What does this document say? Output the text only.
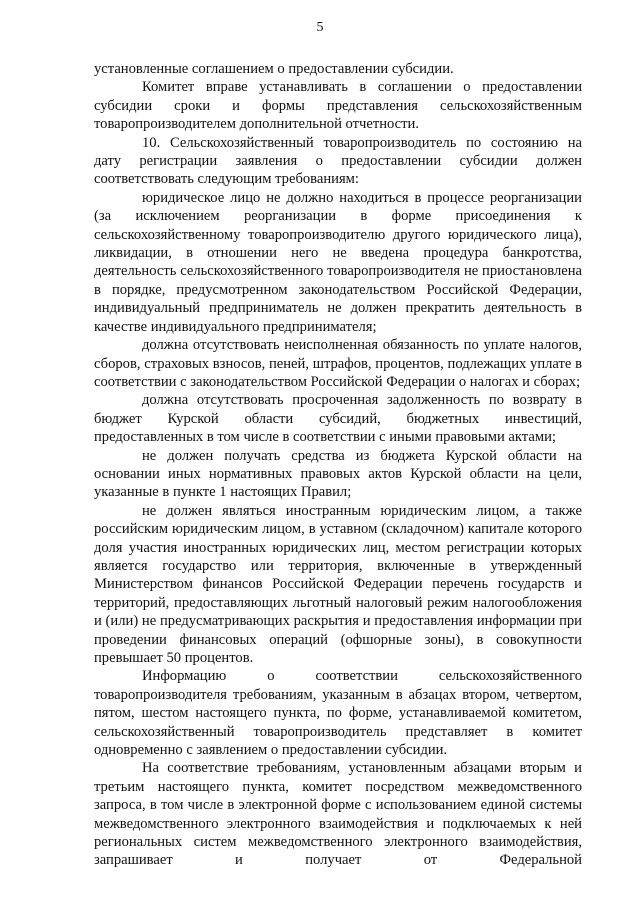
5

установленные соглашением о предоставлении субсидии.

Комитет вправе устанавливать в соглашении о предоставлении субсидии сроки и формы представления сельскохозяйственным товаропроизводителем дополнительной отчетности.

10. Сельскохозяйственный товаропроизводитель по состоянию на дату регистрации заявления о предоставлении субсидии должен соответствовать следующим требованиям:

юридическое лицо не должно находиться в процессе реорганизации (за исключением реорганизации в форме присоединения к сельскохозяйственному товаропроизводителю другого юридического лица), ликвидации, в отношении него не введена процедура банкротства, деятельность сельскохозяйственного товаропроизводителя не приостановлена в порядке, предусмотренном законодательством Российской Федерации, индивидуальный предприниматель не должен прекратить деятельность в качестве индивидуального предпринимателя;

должна отсутствовать неисполненная обязанность по уплате налогов, сборов, страховых взносов, пеней, штрафов, процентов, подлежащих уплате в соответствии с законодательством Российской Федерации о налогах и сборах;

должна отсутствовать просроченная задолженность по возврату в бюджет Курской области субсидий, бюджетных инвестиций, предоставленных в том числе в соответствии с иными правовыми актами;

не должен получать средства из бюджета Курской области на основании иных нормативных правовых актов Курской области на цели, указанные в пункте 1 настоящих Правил;

не должен являться иностранным юридическим лицом, а также российским юридическим лицом, в уставном (складочном) капитале которого доля участия иностранных юридических лиц, местом регистрации которых является государство или территория, включенные в утвержденный Министерством финансов Российской Федерации перечень государств и территорий, предоставляющих льготный налоговый режим налогообложения и (или) не предусматривающих раскрытия и предоставления информации при проведении финансовых операций (офшорные зоны), в совокупности превышает 50 процентов.

Информацию о соответствии сельскохозяйственного товаропроизводителя требованиям, указанным в абзацах втором, четвертом, пятом, шестом настоящего пункта, по форме, устанавливаемой комитетом, сельскохозяйственный товаропроизводитель представляет в комитет одновременно с заявлением о предоставлении субсидии.

На соответствие требованиям, установленным абзацами вторым и третьим настоящего пункта, комитет посредством межведомственного запроса, в том числе в электронной форме с использованием единой системы межведомственного электронного взаимодействия и подключаемых к ней региональных систем межведомственного электронного взаимодействия, запрашивает и получает от Федеральной
